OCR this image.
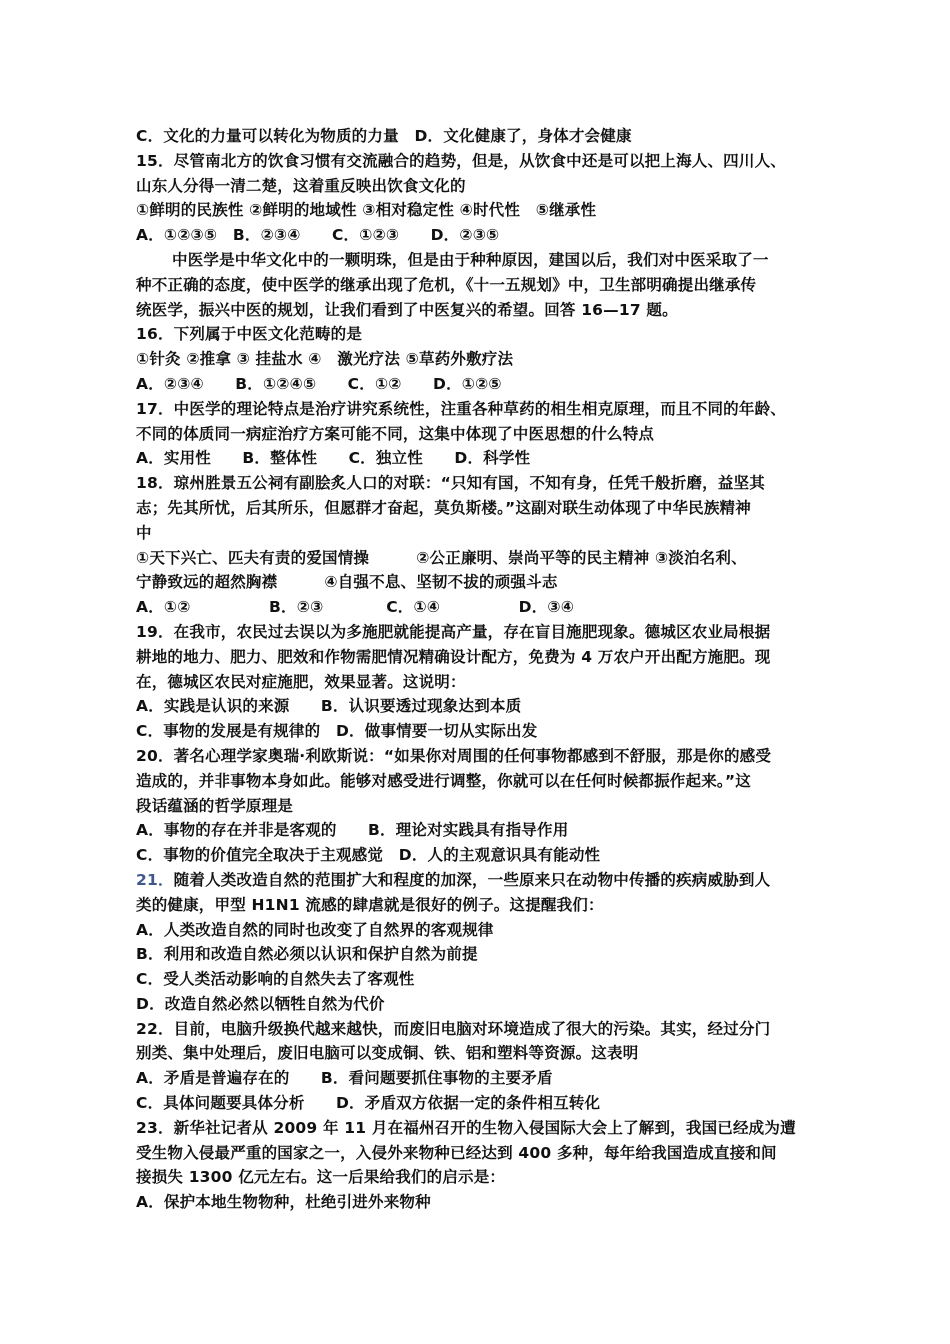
C．文化的力量可以转化为物质的力量　D．文化健康了，身体才会健康
15．尽管南北方的饮食习惯有交流融合的趋势，但是，从饮食中还是可以把上海人、四川人、
山东人分得一清二楚，这着重反映出饮食文化的
①鲜明的民族性 ②鲜明的地域性 ③相对稳定性 ④时代性　⑤继承性
A．①②③⑤　B．②③④　　C．①②③　　D．②③⑤
中医学是中华文化中的一颗明珠，但是由于种种原因，建国以后，我们对中医采取了一
种不正确的态度，使中医学的继承出现了危机，《十一五规划》中，卫生部明确提出继承传
统医学，振兴中医的规划，让我们看到了中医复兴的希望。回答 16—17 题。
16．下列属于中医文化范畴的是
①针灸 ②推拿 ③ 挂盐水 ④　激光疗法 ⑤草药外敷疗法
A．②③④　　B．①②④⑤　　C．①②　　D．①②⑤
17．中医学的理论特点是治疗讲究系统性，注重各种草药的相生相克原理，而且不同的年龄、
不同的体质同一病症治疗方案可能不同，这集中体现了中医思想的什么特点
A．实用性　　B．整体性　　C．独立性　　D．科学性
18．琼州胜景五公祠有副脍炙人口的对联：“只知有国，不知有身，任凭千般折磨，益坚其
志；先其所忧，后其所乐，但愿群才奋起，莫负斯楼。”这副对联生动体现了中华民族精神
中
①天下兴亡、匹夫有责的爱国情操　　　②公正廉明、崇尚平等的民主精神 ③淡泊名利、
宁静致远的超然胸襟　　　④自强不息、坚韧不拔的顽强斗志
A．①②　　　　　B．②③　　　　C．①④　　　　　D．③④
19．在我市，农民过去误以为多施肥就能提高产量，存在盲目施肥现象。德城区农业局根据
耕地的地力、肥力、肥效和作物需肥情况精确设计配方，免费为 4 万农户开出配方施肥。现
在，德城区农民对症施肥，效果显著。这说明：
A．实践是认识的来源　　B．认识要透过现象达到本质
C．事物的发展是有规律的　D．做事情要一切从实际出发
20．著名心理学家奥瑞·利欧斯说：“如果你对周围的任何事物都感到不舒服，那是你的感受
造成的，并非事物本身如此。能够对感受进行调整，你就可以在任何时候都振作起来。”这
段话蕴涵的哲学原理是
A．事物的存在并非是客观的　　B．理论对实践具有指导作用
C．事物的价值完全取决于主观感觉　D．人的主观意识具有能动性
21．随着人类改造自然的范围扩大和程度的加深，一些原来只在动物中传播的疾病威胁到人
类的健康，甲型 H1N1 流感的肆虐就是很好的例子。这提醒我们：
A．人类改造自然的同时也改变了自然界的客观规律
B．利用和改造自然必须以认识和保护自然为前提
C．受人类活动影响的自然失去了客观性
D．改造自然必然以牺牲自然为代价
22．目前，电脑升级换代越来越快，而废旧电脑对环境造成了很大的污染。其实，经过分门
别类、集中处理后，废旧电脑可以变成铜、铁、铝和塑料等资源。这表明
A．矛盾是普遍存在的　　B．看问题要抓住事物的主要矛盾
C．具体问题要具体分析　　D．矛盾双方依据一定的条件相互转化
23．新华社记者从 2009 年 11 月在福州召开的生物入侵国际大会上了解到，我国已经成为遭
受生物入侵最严重的国家之一，入侵外来物种已经达到 400 多种，每年给我国造成直接和间
接损失 1300 亿元左右。这一后果给我们的启示是：
A．保护本地生物物种，杜绝引进外来物种
